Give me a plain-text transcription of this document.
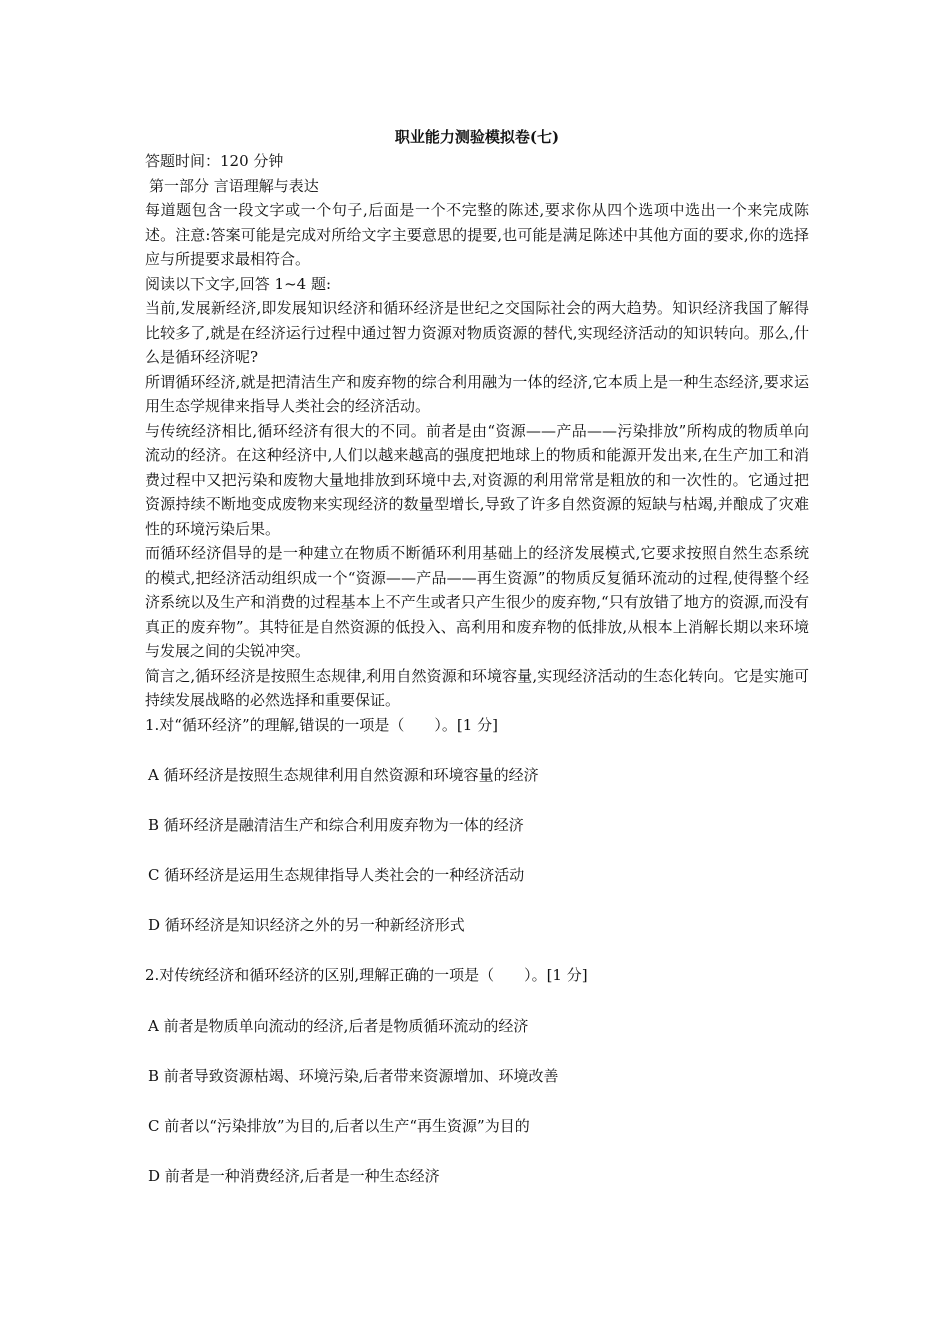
职业能力测验模拟卷(七)

答题时间：120 分钟

第一部分 言语理解与表达

每道题包含一段文字或一个句子,后面是一个不完整的陈述,要求你从四个选项中选出一个来完成陈述。注意:答案可能是完成对所给文字主要意思的提要,也可能是满足陈述中其他方面的要求,你的选择应与所提要求最相符合。

阅读以下文字,回答 1~4 题:

当前,发展新经济,即发展知识经济和循环经济是世纪之交国际社会的两大趋势。知识经济我国了解得比较多了,就是在经济运行过程中通过智力资源对物质资源的替代,实现经济活动的知识转向。那么,什么是循环经济呢?

所谓循环经济,就是把清洁生产和废弃物的综合利用融为一体的经济,它本质上是一种生态经济,要求运用生态学规律来指导人类社会的经济活动。

与传统经济相比,循环经济有很大的不同。前者是由“资源——产品——污染排放”所构成的物质单向流动的经济。在这种经济中,人们以越来越高的强度把地球上的物质和能源开发出来,在生产加工和消费过程中又把污染和废物大量地排放到环境中去,对资源的利用常常是粗放的和一次性的。它通过把资源持续不断地变成废物来实现经济的数量型增长,导致了许多自然资源的短缺与枯竭,并酿成了灾难性的环境污染后果。

而循环经济倡导的是一种建立在物质不断循环利用基础上的经济发展模式,它要求按照自然生态系统的模式,把经济活动组织成一个“资源——产品——再生资源”的物质反复循环流动的过程,使得整个经济系统以及生产和消费的过程基本上不产生或者只产生很少的废弃物,“只有放错了地方的资源,而没有真正的废弃物”。其特征是自然资源的低投入、高利用和废弃物的低排放,从根本上消解长期以来环境与发展之间的尖锐冲突。

简言之,循环经济是按照生态规律,利用自然资源和环境容量,实现经济活动的生态化转向。它是实施可持续发展战略的必然选择和重要保证。

1.对“循环经济”的理解,错误的一项是（　　）。[1 分]

A 循环经济是按照生态规律利用自然资源和环境容量的经济
B 循环经济是融清洁生产和综合利用废弃物为一体的经济
C 循环经济是运用生态规律指导人类社会的一种经济活动
D 循环经济是知识经济之外的另一种新经济形式

2.对传统经济和循环经济的区别,理解正确的一项是（　　）。[1 分]

A 前者是物质单向流动的经济,后者是物质循环流动的经济
B 前者导致资源枯竭、环境污染,后者带来资源增加、环境改善
C 前者以“污染排放”为目的,后者以生产“再生资源”为目的
D 前者是一种消费经济,后者是一种生态经济
